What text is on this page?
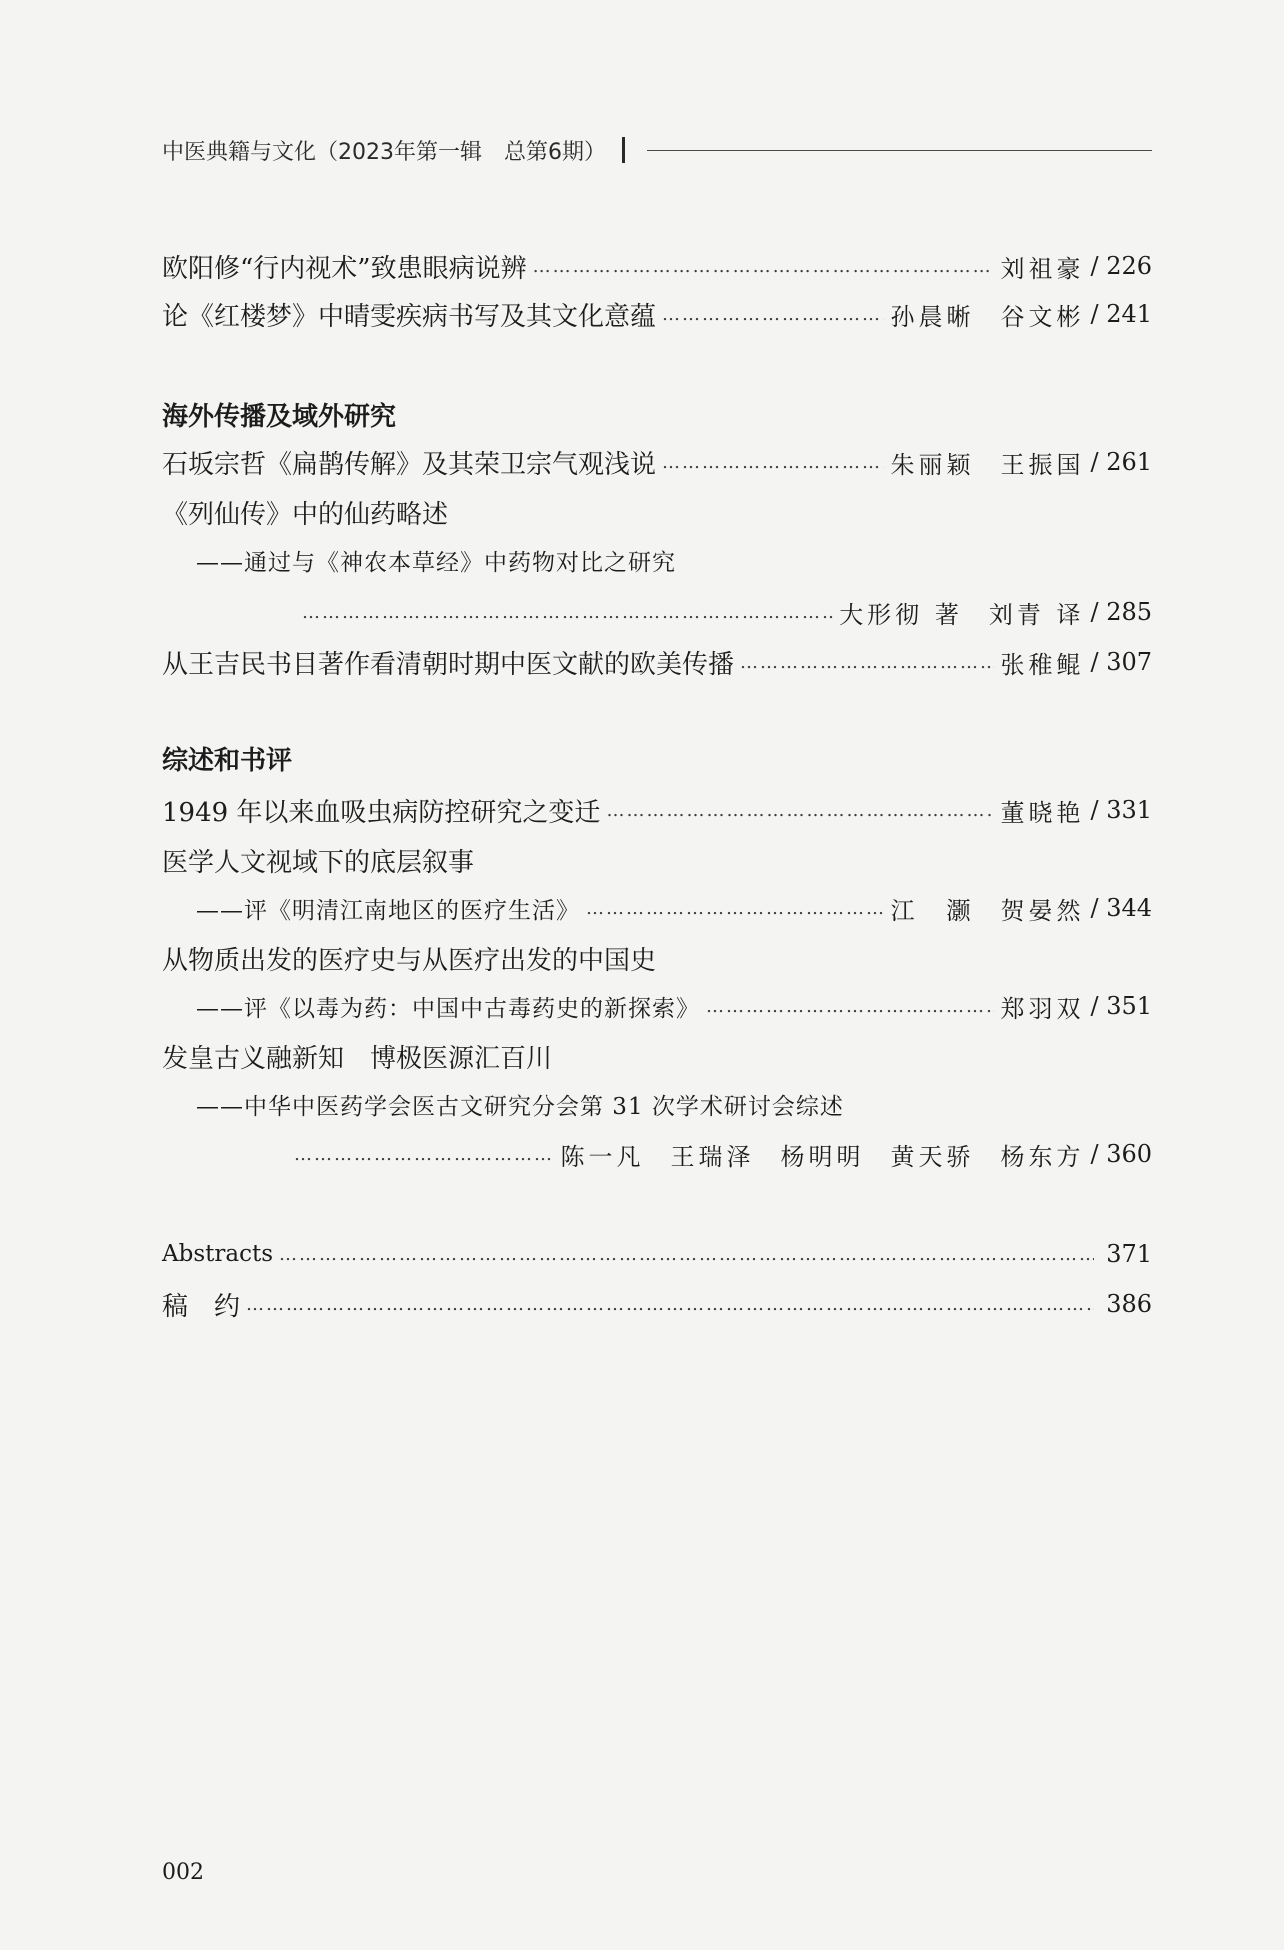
中医典籍与文化（2023年第一辑　总第6期）
欧阳修“行内视术”致患眼病说辨 ……………………………………………………………………………………………………………………………………………………	刘祖豪 / 226
论《红楼梦》中晴雯疾病书写及其文化意蕴 ……………………………………………………………………………………………………………………………………………………	孙晨晰 谷文彬 / 241
海外传播及域外研究
石坂宗哲《扁鹊传解》及其荣卫宗气观浅说 ……………………………………………………………………………………………………………………………………………………	朱丽颖 王振国 / 261
《列仙传》中的仙药略述
——通过与《神农本草经》中药物对比之研究
……………………………………………………………………………………………………………………………………………………
大形彻 著 刘青 译 / 285
从王吉民书目著作看清朝时期中医文献的欧美传播 ……………………………………………………………………………………………………………………………………………………	张稚鲲 / 307
综述和书评
1949 年以来血吸虫病防控研究之变迁 ……………………………………………………………………………………………………………………………………………………	董晓艳 / 331
医学人文视域下的底层叙事
——评《明清江南地区的医疗生活》 ……………………………………………………………………………………………………………………………………………………	江　灏 贺晏然 / 344
从物质出发的医疗史与从医疗出发的中国史
——评《以毒为药：中国中古毒药史的新探索》 ……………………………………………………………………………………………………………………………………………………	郑羽双 / 351
发皇古义融新知　博极医源汇百川
——中华中医药学会医古文研究分会第 31 次学术研讨会综述
……………………………………………………………………………………………………………………………………………………
陈一凡 王瑞泽 杨明明 黄天骄 杨东方 / 360
Abstracts ……………………………………………………………………………………………………………………………………………………	371
稿　约 ……………………………………………………………………………………………………………………………………………………	386
002
